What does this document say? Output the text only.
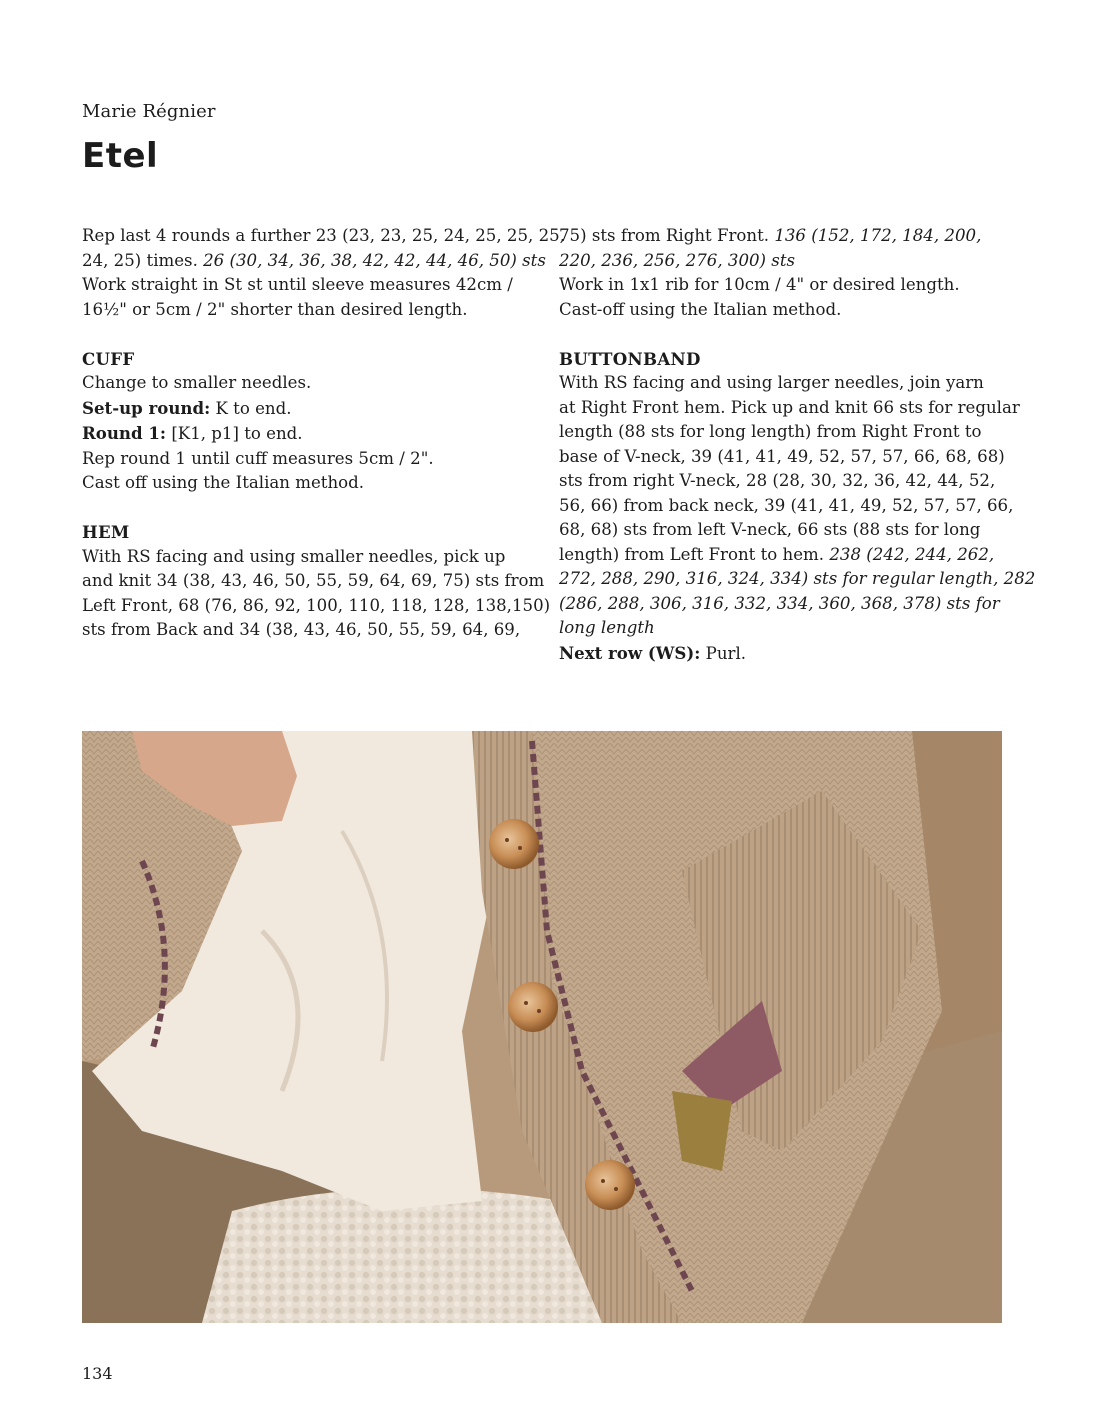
Marie Régnier
Etel
Rep last 4 rounds a further 23 (23, 23, 25, 24, 25, 25, 25,
24, 25) times. 26 (30, 34, 36, 38, 42, 42, 44, 46, 50) sts
Work straight in St st until sleeve measures 42cm /
16½" or 5cm / 2" shorter than desired length.
CUFF
Change to smaller needles.
Set-up round: K to end.
Round 1: [K1, p1] to end.
Rep round 1 until cuff measures 5cm / 2".
Cast off using the Italian method.
HEM
With RS facing and using smaller needles, pick up
and knit 34 (38, 43, 46, 50, 55, 59, 64, 69, 75) sts from
Left Front, 68 (76, 86, 92, 100, 110, 118, 128, 138,150)
sts from Back and 34 (38, 43, 46, 50, 55, 59, 64, 69,
75) sts from Right Front. 136 (152, 172, 184, 200,
220, 236, 256, 276, 300) sts
Work in 1x1 rib for 10cm / 4" or desired length.
Cast-off using the Italian method.
BUTTONBAND
With RS facing and using larger needles, join yarn
at Right Front hem. Pick up and knit 66 sts for regular
length (88 sts for long length) from Right Front to
base of V-neck, 39 (41, 41, 49, 52, 57, 57, 66, 68, 68)
sts from right V-neck, 28 (28, 30, 32, 36, 42, 44, 52,
56, 66) from back neck, 39 (41, 41, 49, 52, 57, 57, 66,
68, 68) sts from left V-neck, 66 sts (88 sts for long
length) from Left Front to hem. 238 (242, 244, 262,
272, 288, 290, 316, 324, 334) sts for regular length, 282
(286, 288, 306, 316, 332, 334, 360, 368, 378) sts for
long length
Next row (WS): Purl.
134
